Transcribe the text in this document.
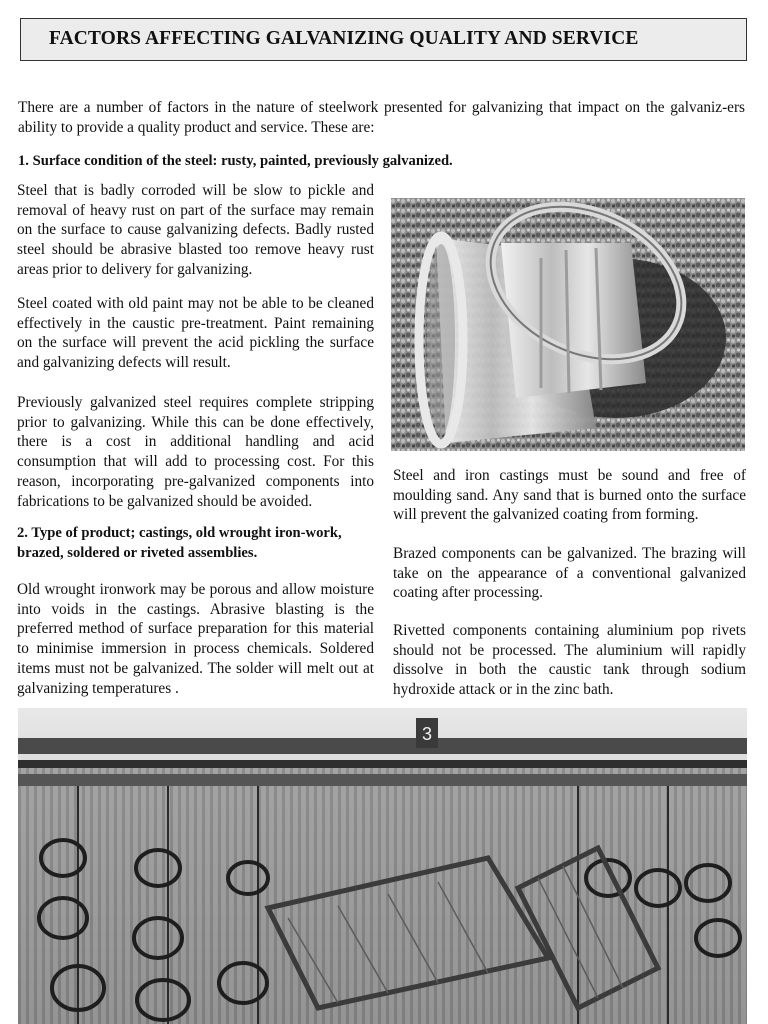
FACTORS AFFECTING GALVANIZING QUALITY AND SERVICE

There are a number of factors in the nature of steelwork presented for galvanizing that impact on the galvaniz-ers ability to provide a quality product and service. These are:

1. Surface condition of the steel: rusty, painted, previously galvanized.

Steel that is badly corroded will be slow to pickle and removal of heavy rust on part of the surface may remain on the surface to cause galvanizing defects. Badly rusted steel should be abrasive blasted too remove heavy rust areas prior to delivery for galvanizing.

Steel coated with old paint may not be able to be cleaned effectively in the caustic pre-treatment. Paint remaining on the surface will prevent the acid pickling the surface and galvanizing defects will result.

Previously galvanized steel requires complete stripping prior to galvanizing. While this can be done effectively, there is a cost in additional handling and acid consumption that will add to processing cost. For this reason, incorporating pre-galvanized components into fabrications to be galvanized should be avoided.

2. Type of product; castings, old wrought iron-work, brazed, soldered or riveted assemblies.

Old wrought ironwork may be porous and allow moisture into voids in the castings. Abrasive blasting is the preferred method of surface preparation for this material to minimise immersion in process chemicals. Soldered items must not be galvanized. The solder will melt out at galvanizing temperatures .

Steel and iron castings must be sound and free of moulding sand. Any sand that is burned onto the surface will prevent the galvanized coating from forming.

Brazed components can be galvanized. The brazing will take on the appearance of a conventional galvanized coating after processing.

Rivetted components containing aluminium pop rivets should not be processed. The aluminium will rapidly dissolve in both the caustic tank through sodium hydroxide attack or in the zinc bath.

3
